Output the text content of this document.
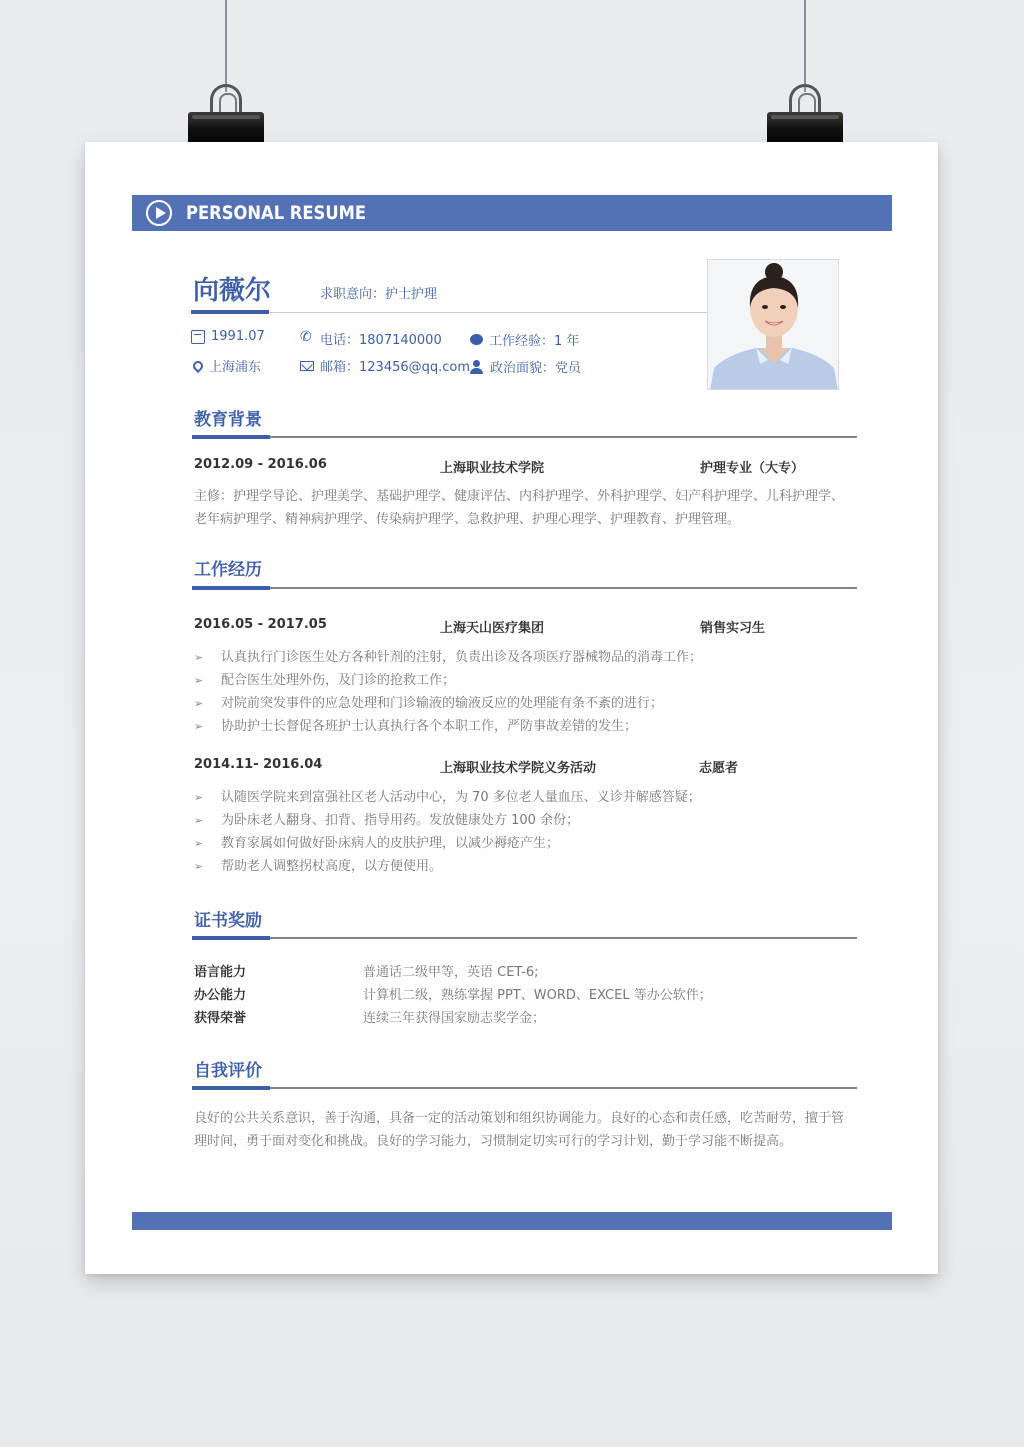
PERSONAL RESUME
向薇尔	求职意向：护士护理
1991.07
✆	电话：1807140000	工作经验：1 年
上海浦东	邮箱：123456@qq.com 政治面貌：党员
教育背景
2012.09 - 2016.06	上海职业技术学院	护理专业（大专）
主修：护理学导论、护理美学、基础护理学、健康评估、内科护理学、外科护理学、妇产科护理学、儿科护理学、老年病护理学、精神病护理学、传染病护理学、急救护理、护理心理学、护理教育、护理管理。
工作经历
2016.05 - 2017.05	上海天山医疗集团	销售实习生
➢ 认真执行门诊医生处方各种针剂的注射，负责出诊及各项医疗器械物品的消毒工作；
➢ 配合医生处理外伤，及门诊的抢救工作；
➢ 对院前突发事件的应急处理和门诊输液的输液反应的处理能有条不紊的进行；
➢ 协助护士长督促各班护士认真执行各个本职工作，严防事故差错的发生；
2014.11- 2016.04	上海职业技术学院义务活动	志愿者
➢ 认随医学院来到富强社区老人活动中心，为 70 多位老人量血压、义诊并解感答疑；
➢ 为卧床老人翻身、扣背、指导用药。发放健康处方 100 余份；
➢ 教育家属如何做好卧床病人的皮肤护理，以减少褥疮产生；
➢ 帮助老人调整拐杖高度，以方便使用。
证书奖励
语言能力	普通话二级甲等，英语 CET-6;
办公能力	计算机二级，熟练掌握 PPT、WORD、EXCEL 等办公软件；
获得荣誉	连续三年获得国家励志奖学金；
自我评价
良好的公共关系意识，善于沟通，具备一定的活动策划和组织协调能力。良好的心态和责任感，吃苦耐劳，擅于管理时间，勇于面对变化和挑战。良好的学习能力，习惯制定切实可行的学习计划，勤于学习能不断提高。
